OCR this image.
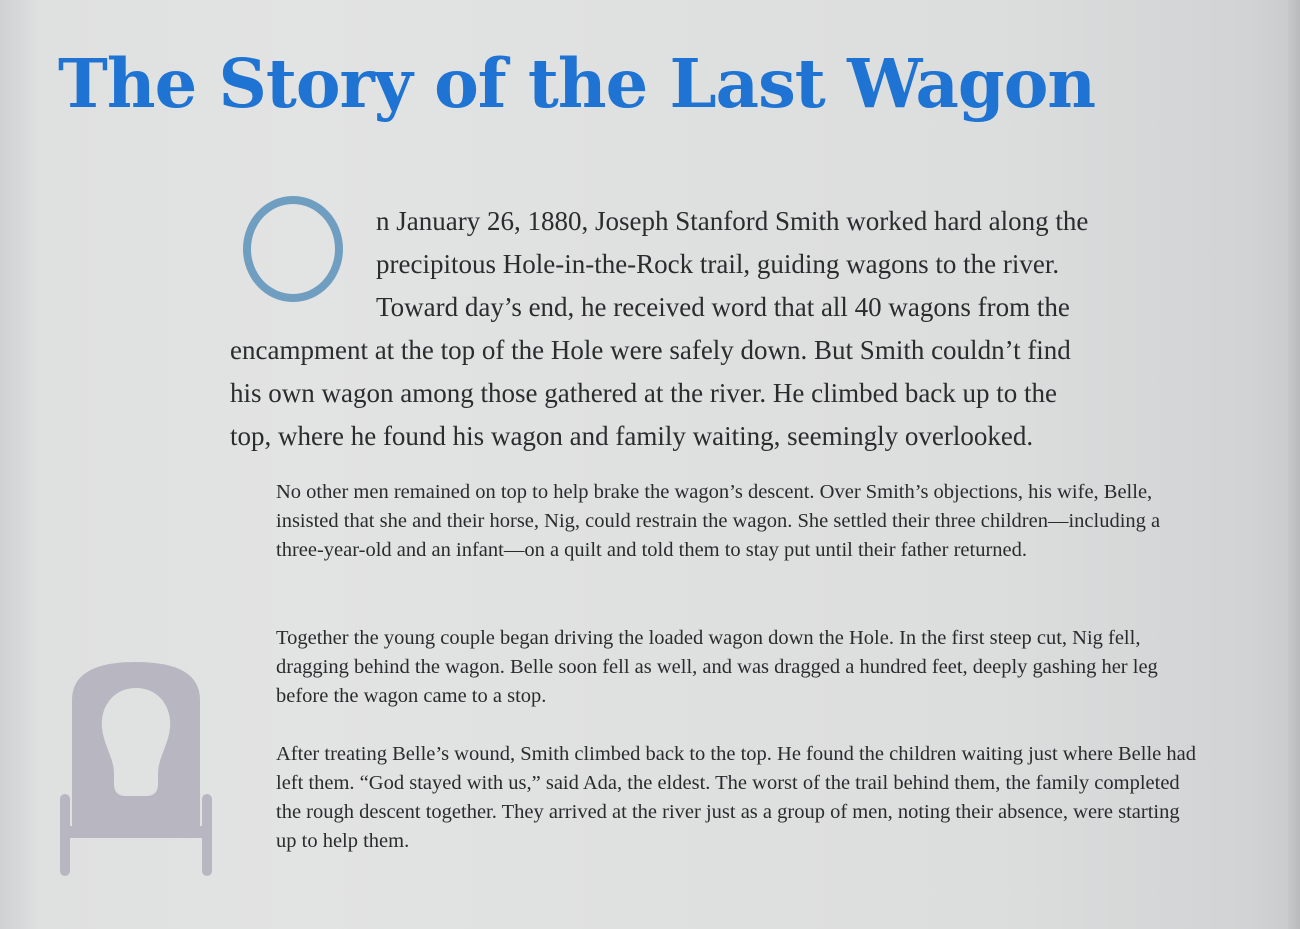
The Story of the Last Wagon

n January 26, 1880, Joseph Stanford Smith worked hard along the

precipitous Hole-in-the-Rock trail, guiding wagons to the river.

Toward day’s end, he received word that all 40 wagons from the

encampment at the top of the Hole were safely down. But Smith couldn’t find

his own wagon among those gathered at the river. He climbed back up to the

top, where he found his wagon and family waiting, seemingly overlooked.

No other men remained on top to help brake the wagon’s descent. Over Smith’s objections, his wife, Belle, insisted that she and their horse, Nig, could restrain the wagon. She settled their three children—including a three-year-old and an infant—on a quilt and told them to stay put until their father returned.

Together the young couple began driving the loaded wagon down the Hole. In the first steep cut, Nig fell, dragging behind the wagon. Belle soon fell as well, and was dragged a hundred feet, deeply gashing her leg before the wagon came to a stop.

After treating Belle’s wound, Smith climbed back to the top. He found the children waiting just where Belle had left them. “God stayed with us,” said Ada, the eldest. The worst of the trail behind them, the family completed the rough descent together. They arrived at the river just as a group of men, noting their absence, were starting up to help them.
